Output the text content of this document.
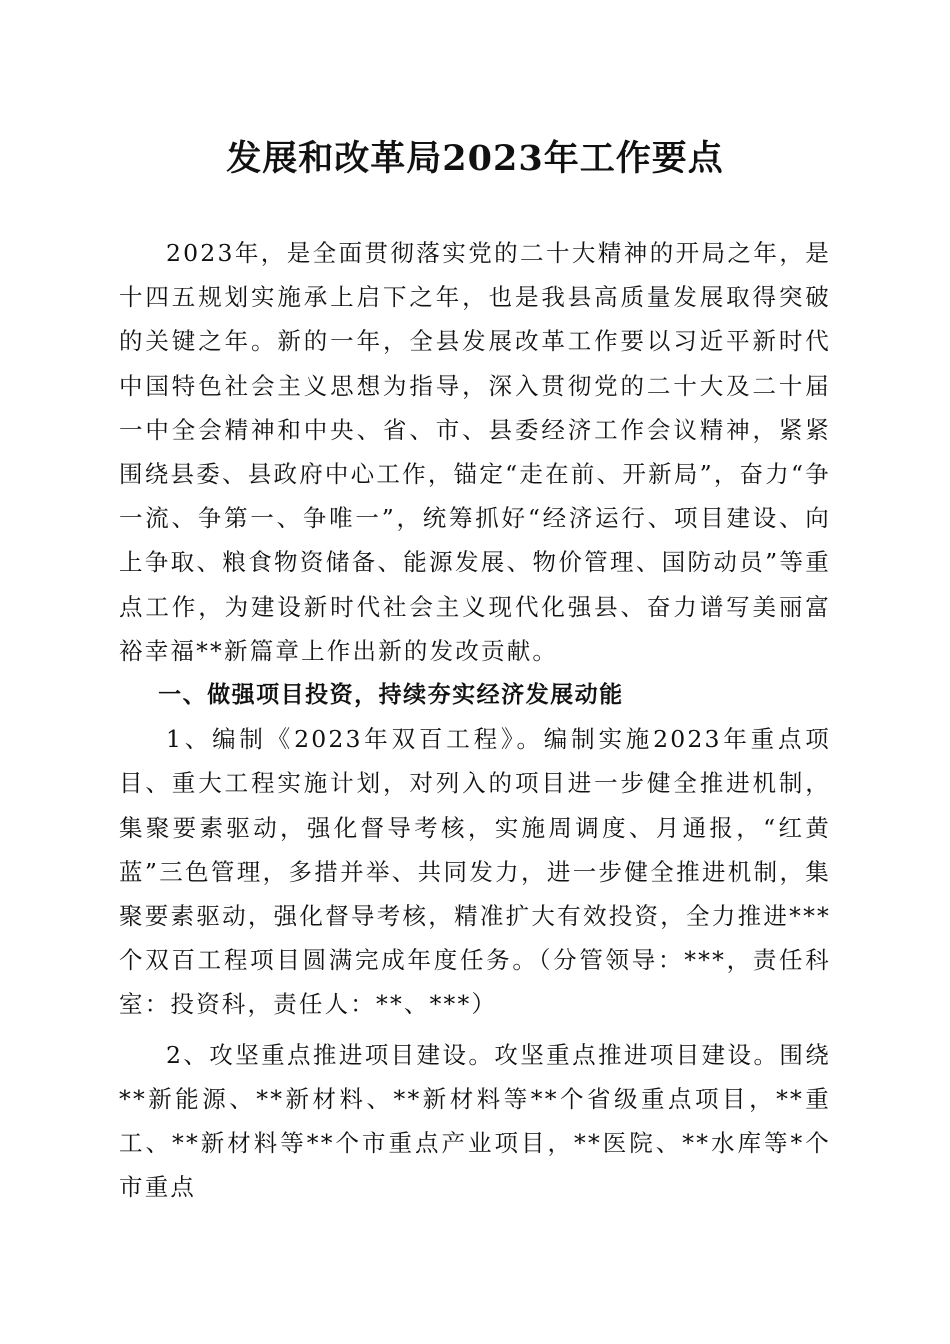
发展和改革局2023年工作要点

2023年，是全面贯彻落实党的二十大精神的开局之年，是十四五规划实施承上启下之年，也是我县高质量发展取得突破的关键之年。新的一年，全县发展改革工作要以习近平新时代中国特色社会主义思想为指导，深入贯彻党的二十大及二十届一中全会精神和中央、省、市、县委经济工作会议精神，紧紧围绕县委、县政府中心工作，锚定“走在前、开新局”，奋力“争一流、争第一、争唯一”，统筹抓好“经济运行、项目建设、向上争取、粮食物资储备、能源发展、物价管理、国防动员”等重点工作，为建设新时代社会主义现代化强县、奋力谱写美丽富裕幸福**新篇章上作出新的发改贡献。

一、做强项目投资，持续夯实经济发展动能

1、编制《2023年双百工程》。编制实施2023年重点项目、重大工程实施计划，对列入的项目进一步健全推进机制，集聚要素驱动，强化督导考核，实施周调度、月通报，“红黄蓝”三色管理，多措并举、共同发力，进一步健全推进机制，集聚要素驱动，强化督导考核，精准扩大有效投资，全力推进***个双百工程项目圆满完成年度任务。（分管领导：***，责任科室：投资科，责任人：**、***）

2、攻坚重点推进项目建设。攻坚重点推进项目建设。围绕**新能源、**新材料、**新材料等**个省级重点项目，**重工、**新材料等**个市重点产业项目，**医院、**水库等*个市重点
